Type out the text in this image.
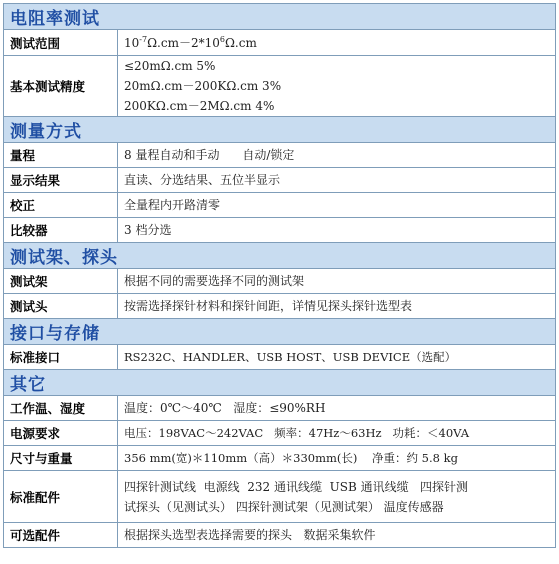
电阻率测试	
测试范围	$10^{-7}\Omega.cm-2*10^6\Omega.cm$
基本测试精度	≤20mΩ.cm 5%
20mΩ.cm－200KΩ.cm 3%
200KΩ.cm－2MΩ.cm 4%

测量方式	
量程	8 量程自动和手动      自动/锁定
显示结果	直读、分选结果、五位半显示
校正	全量程内开路清零
比较器	3 档分选
测试架、探头	
测试架	根据不同的需要选择不同的测试架
测试头	按需选择探针材料和探针间距，详情见探头探针选型表
接口与存储	
标准接口	RS232C、HANDLER、USB HOST、USB DEVICE（选配）
其它	
工作温、湿度	温度：0℃～40℃   湿度：≤90%RH
电源要求	电压：198VAC～242VAC   频率：47Hz～63Hz   功耗：＜40VA
尺寸与重量	356 mm(宽)＊110mm（高）＊330mm(长)    净重：约 5.8 kg
标准配件	四探针测试线  电源线  232 通讯线缆  USB 通讯线缆   四探针测
试探头（见测试头） 四探针测试架（见测试架） 温度传感器

可选配件	根据探头选型表选择需要的探头   数据采集软件
